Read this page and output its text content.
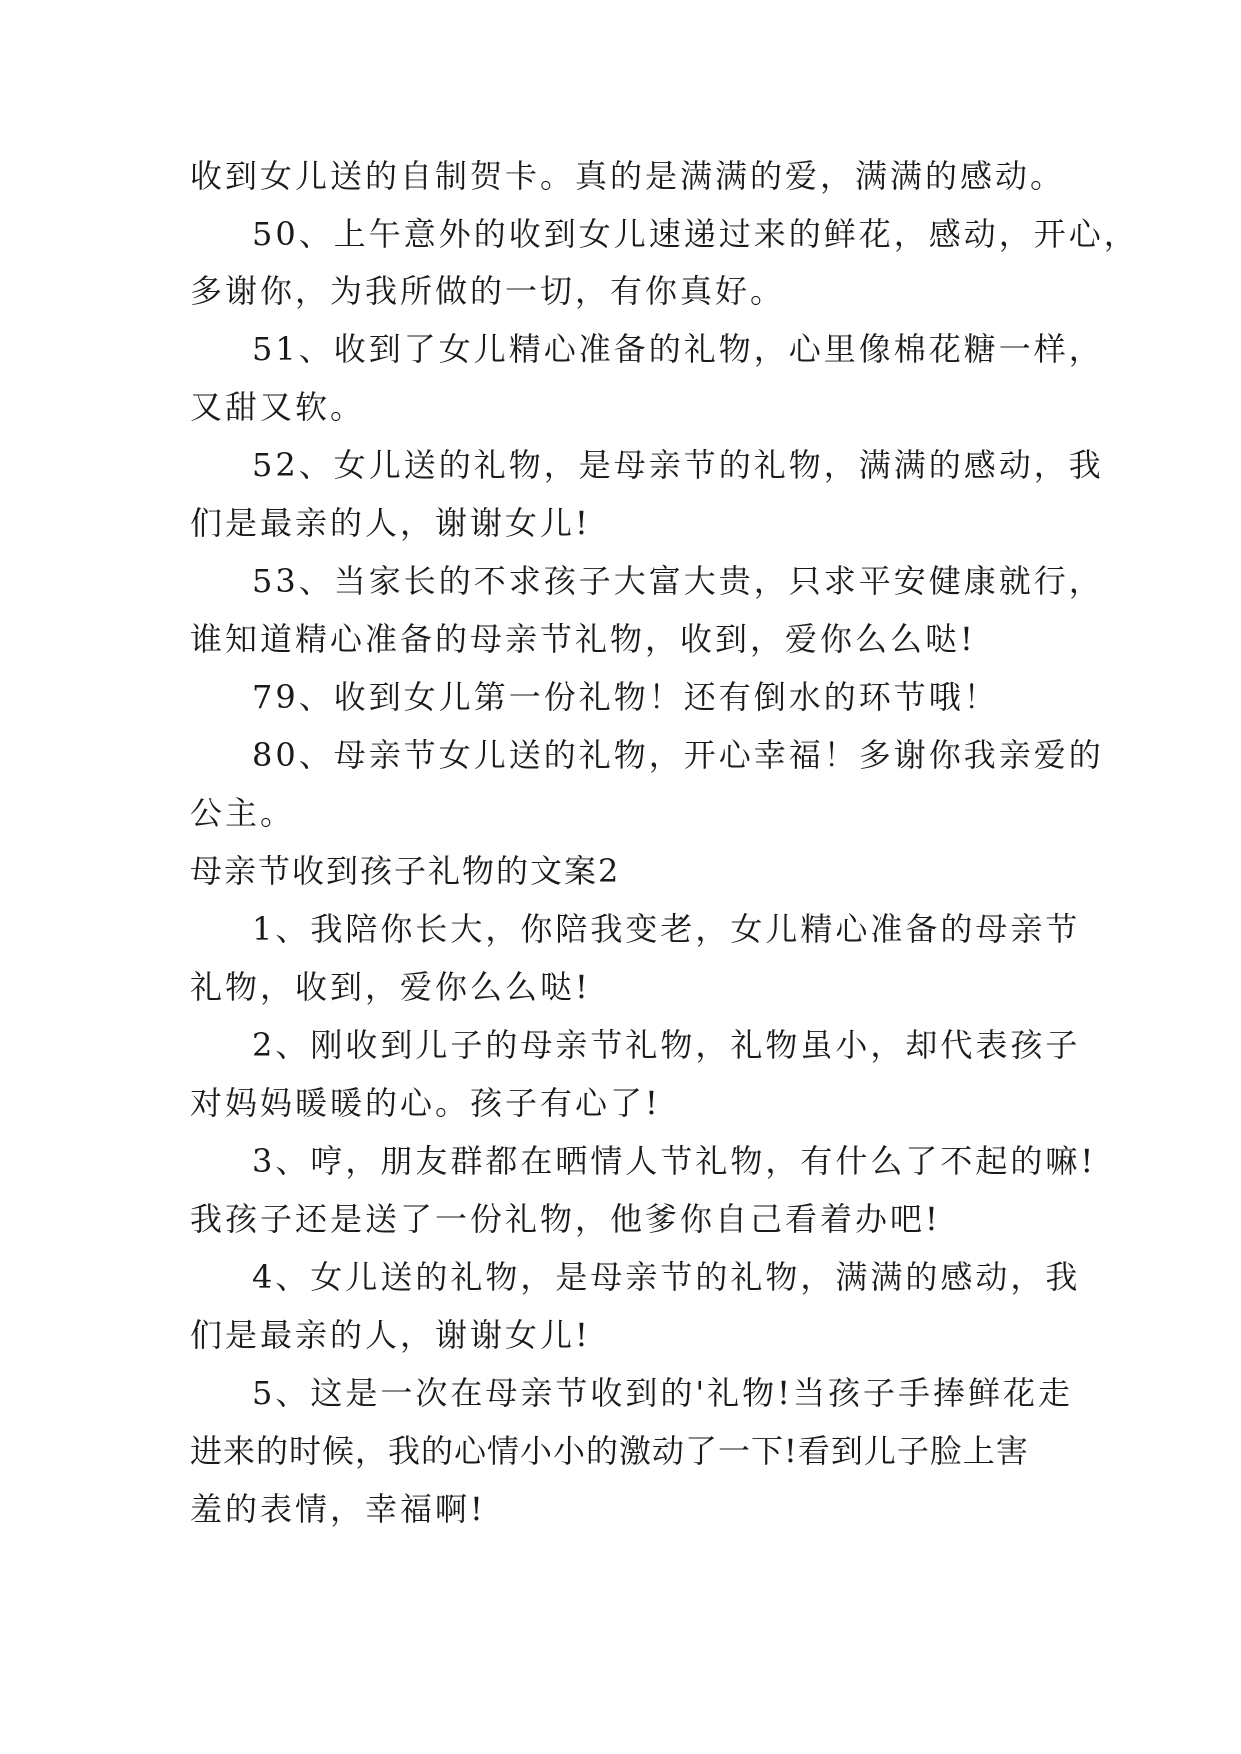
收到女儿送的自制贺卡。真的是满满的爱，满满的感动。
50、上午意外的收到女儿速递过来的鲜花，感动，开心，
多谢你，为我所做的一切，有你真好。
51、收到了女儿精心准备的礼物，心里像棉花糖一样，
又甜又软。
52、女儿送的礼物，是母亲节的礼物，满满的感动，我
们是最亲的人，谢谢女儿!
53、当家长的不求孩子大富大贵，只求平安健康就行，
谁知道精心准备的母亲节礼物，收到，爱你么么哒!
79、收到女儿第一份礼物！还有倒水的环节哦！
80、母亲节女儿送的礼物，开心幸福！多谢你我亲爱的
公主。
母亲节收到孩子礼物的文案2
1、我陪你长大，你陪我变老，女儿精心准备的母亲节
礼物，收到，爱你么么哒!
2、刚收到儿子的母亲节礼物，礼物虽小，却代表孩子
对妈妈暖暖的心。孩子有心了!
3、哼，朋友群都在晒情人节礼物，有什么了不起的嘛!
我孩子还是送了一份礼物，他爹你自己看着办吧!
4、女儿送的礼物，是母亲节的礼物，满满的感动，我
们是最亲的人，谢谢女儿!
5、这是一次在母亲节收到的'礼物!当孩子手捧鲜花走
进来的时候，我的心情小小的激动了一下!看到儿子脸上害
羞的表情，幸福啊!
